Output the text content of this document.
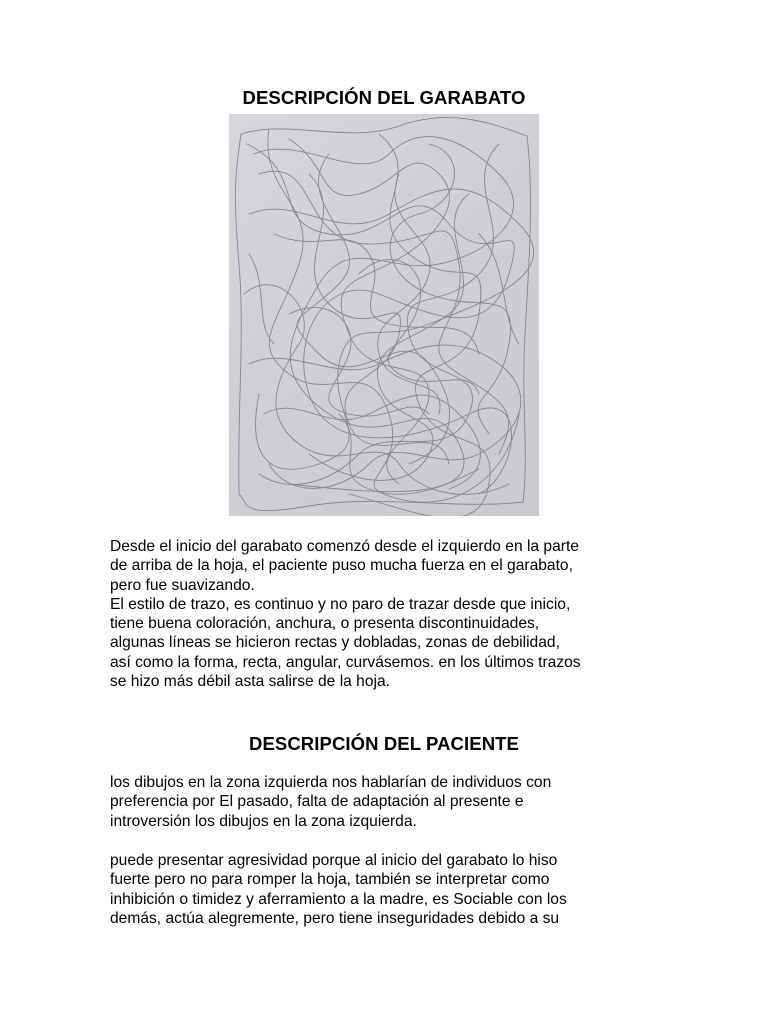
DESCRIPCIÓN DEL GARABATO
Desde el inicio del garabato comenzó desde el izquierdo en la parte
de arriba de la hoja, el paciente puso mucha fuerza en el garabato,
pero fue suavizando.
El estilo de trazo, es continuo y no paro de trazar desde que inicio,
tiene buena coloración, anchura, o presenta discontinuidades,
algunas líneas se hicieron rectas y dobladas, zonas de debilidad,
así como la forma, recta, angular, curvásemos. en los últimos trazos
se hizo más débil asta salirse de la hoja.
DESCRIPCIÓN DEL PACIENTE
los dibujos en la zona izquierda nos hablarían de individuos con
preferencia por El pasado, falta de adaptación al presente e
introversión los dibujos en la zona izquierda.
puede presentar agresividad porque al inicio del garabato lo hiso
fuerte pero no para romper la hoja, también se interpretar como
inhibición o timidez y aferramiento a la madre, es Sociable con los
demás, actúa alegremente, pero tiene inseguridades debido a su
